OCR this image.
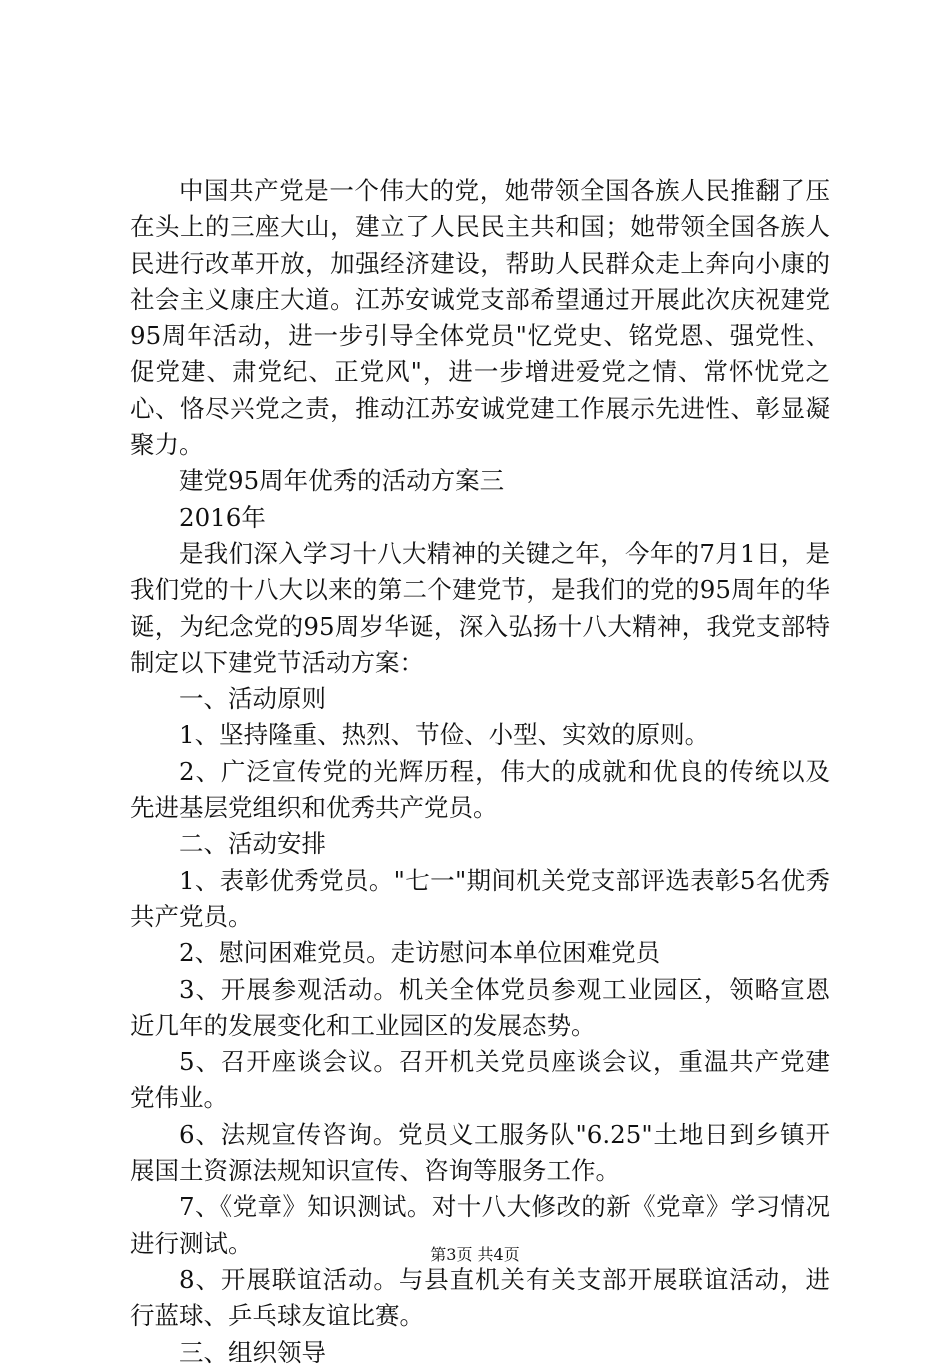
中国共产党是一个伟大的党，她带领全国各族人民推翻了压在头上的三座大山，建立了人民民主共和国；她带领全国各族人民进行改革开放，加强经济建设，帮助人民群众走上奔向小康的社会主义康庄大道。江苏安诚党支部希望通过开展此次庆祝建党95周年活动，进一步引导全体党员"忆党史、铭党恩、强党性、促党建、肃党纪、正党风"，进一步增进爱党之情、常怀忧党之心、恪尽兴党之责，推动江苏安诚党建工作展示先进性、彰显凝聚力。

建党95周年优秀的活动方案三

2016年

是我们深入学习十八大精神的关键之年，今年的7月1日，是我们党的十八大以来的第二个建党节，是我们的党的95周年的华诞，为纪念党的95周岁华诞，深入弘扬十八大精神，我党支部特制定以下建党节活动方案：

一、活动原则

1、坚持隆重、热烈、节俭、小型、实效的原则。

2、广泛宣传党的光辉历程，伟大的成就和优良的传统以及先进基层党组织和优秀共产党员。

二、活动安排

1、表彰优秀党员。"七一"期间机关党支部评选表彰5名优秀共产党员。

2、慰问困难党员。走访慰问本单位困难党员

3、开展参观活动。机关全体党员参观工业园区，领略宣恩近几年的发展变化和工业园区的发展态势。

5、召开座谈会议。召开机关党员座谈会议，重温共产党建党伟业。

6、法规宣传咨询。党员义工服务队"6.25"土地日到乡镇开展国土资源法规知识宣传、咨询等服务工作。

7、《党章》知识测试。对十八大修改的新《党章》学习情况进行测试。

8、开展联谊活动。与县直机关有关支部开展联谊活动，进行蓝球、乒乓球友谊比赛。

三、组织领导

第3页 共4页
